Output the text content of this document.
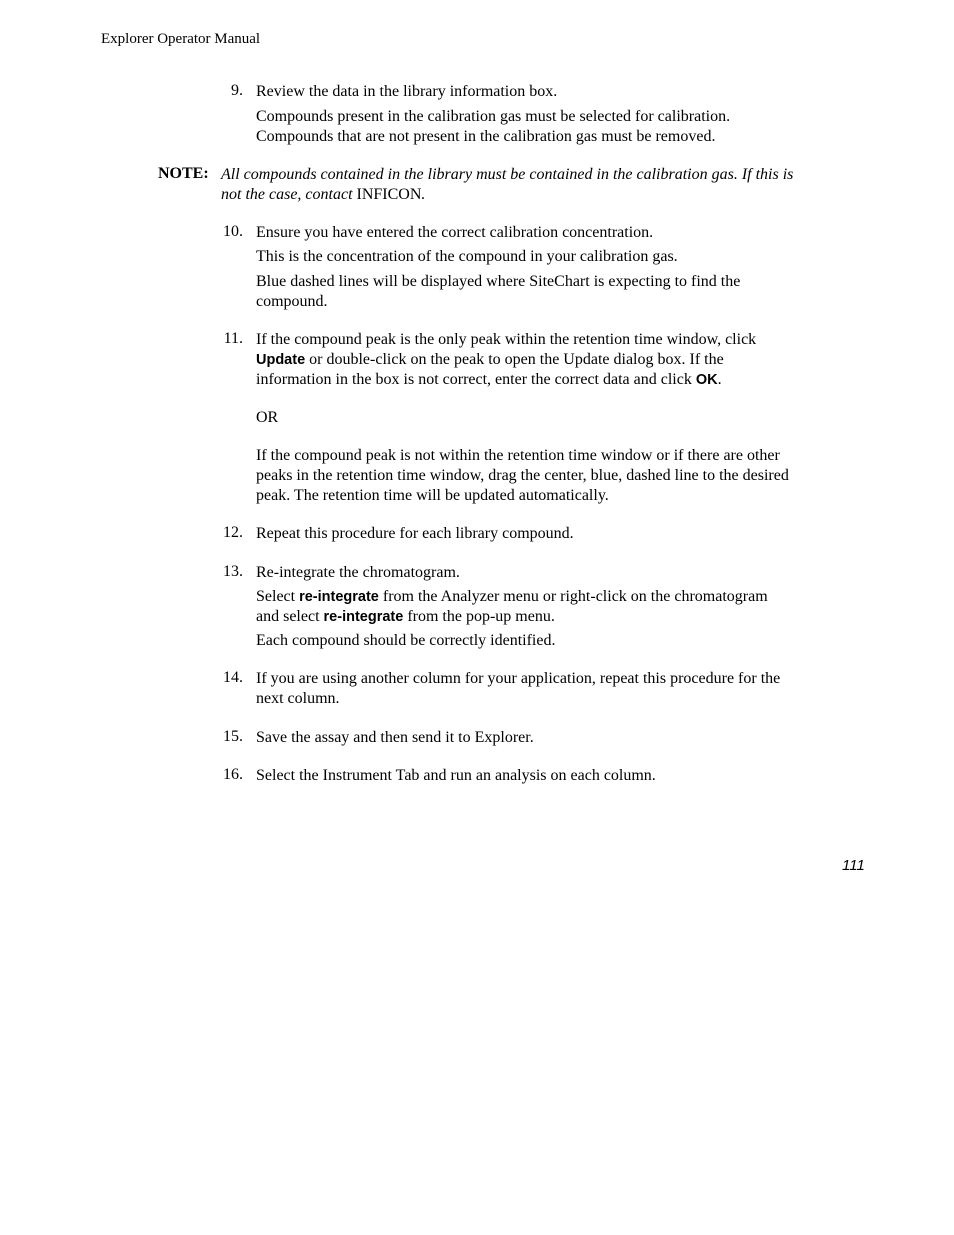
Explorer Operator Manual
9. Review the data in the library information box.
Compounds present in the calibration gas must be selected for calibration.
Compounds that are not present in the calibration gas must be removed.
NOTE: All compounds contained in the library must be contained in the calibration gas. If this is not the case, contact INFICON.
10. Ensure you have entered the correct calibration concentration.
This is the concentration of the compound in your calibration gas.
Blue dashed lines will be displayed where SiteChart is expecting to find the compound.
11. If the compound peak is the only peak within the retention time window, click Update or double-click on the peak to open the Update dialog box. If the information in the box is not correct, enter the correct data and click OK.
OR
If the compound peak is not within the retention time window or if there are other peaks in the retention time window, drag the center, blue, dashed line to the desired peak. The retention time will be updated automatically.
12. Repeat this procedure for each library compound.
13. Re-integrate the chromatogram.
Select re-integrate from the Analyzer menu or right-click on the chromatogram and select re-integrate from the pop-up menu.
Each compound should be correctly identified.
14. If you are using another column for your application, repeat this procedure for the next column.
15. Save the assay and then send it to Explorer.
16. Select the Instrument Tab and run an analysis on each column.
111
